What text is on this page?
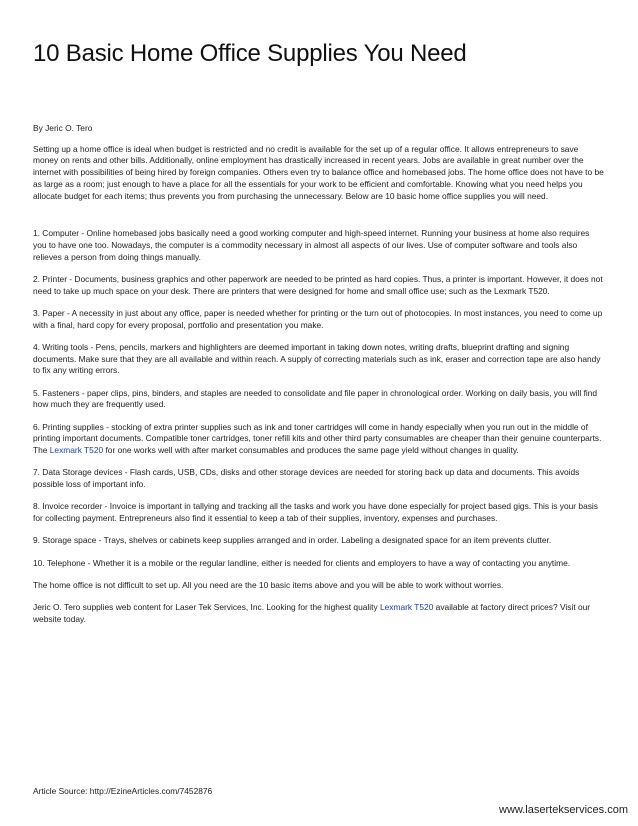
10 Basic Home Office Supplies You Need

By Jeric O. Tero

Setting up a home office is ideal when budget is restricted and no credit is available for the set up of a regular office. It allows entrepreneurs to save money on rents and other bills. Additionally, online employment has drastically increased in recent years. Jobs are available in great number over the internet with possibilities of being hired by foreign companies. Others even try to balance office and homebased jobs. The home office does not have to be as large as a room; just enough to have a place for all the essentials for your work to be efficient and comfortable. Knowing what you need helps you allocate budget for each items; thus prevents you from purchasing the unnecessary. Below are 10 basic home office supplies you will need.

1. Computer - Online homebased jobs basically need a good working computer and high-speed internet. Running your business at home also requires you to have one too. Nowadays, the computer is a commodity necessary in almost all aspects of our lives. Use of computer software and tools also relieves a person from doing things manually.

2. Printer - Documents, business graphics and other paperwork are needed to be printed as hard copies. Thus, a printer is important. However, it does not need to take up much space on your desk. There are printers that were designed for home and small office use; such as the Lexmark T520.

3. Paper - A necessity in just about any office, paper is needed whether for printing or the turn out of photocopies. In most instances, you need to come up with a final, hard copy for every proposal, portfolio and presentation you make.

4. Writing tools - Pens, pencils, markers and highlighters are deemed important in taking down notes, writing drafts, blueprint drafting and signing documents. Make sure that they are all available and within reach. A supply of correcting materials such as ink, eraser and correction tape are also handy to fix any writing errors.

5. Fasteners - paper clips, pins, binders, and staples are needed to consolidate and file paper in chronological order. Working on daily basis, you will find how much they are frequently used.

6. Printing supplies - stocking of extra printer supplies such as ink and toner cartridges will come in handy especially when you run out in the middle of printing important documents. Compatible toner cartridges, toner refill kits and other third party consumables are cheaper than their genuine counterparts. The Lexmark T520 for one works well with after market consumables and produces the same page yield without changes in quality.

7. Data Storage devices - Flash cards, USB, CDs, disks and other storage devices are needed for storing back up data and documents. This avoids possible loss of important info.

8. Invoice recorder - Invoice is important in tallying and tracking all the tasks and work you have done especially for project based gigs. This is your basis for collecting payment. Entrepreneurs also find it essential to keep a tab of their supplies, inventory, expenses and purchases.

9. Storage space - Trays, shelves or cabinets keep supplies arranged and in order. Labeling a designated space for an item prevents clutter.

10. Telephone - Whether it is a mobile or the regular landline, either is needed for clients and employers to have a way of contacting you anytime.

The home office is not difficult to set up. All you need are the 10 basic items above and you will be able to work without worries.

Jeric O. Tero supplies web content for Laser Tek Services, Inc. Looking for the highest quality Lexmark T520 available at factory direct prices? Visit our website today.

Article Source: http://EzineArticles.com/7452876
www.lasertekservices.com
